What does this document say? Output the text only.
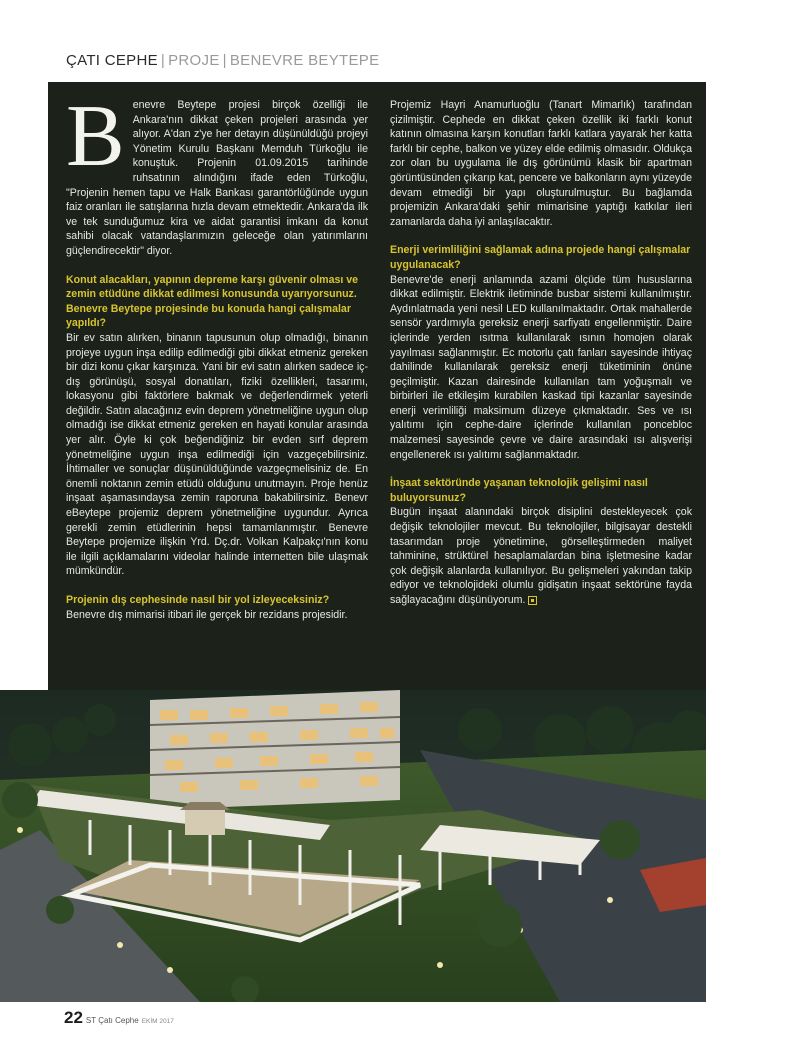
ÇATI CEPHE | PROJE | BENEVRE BEYTEPE

Benevre Beytepe projesi birçok özelliği ile Ankara'nın dikkat çeken projeleri arasında yer alıyor. A'dan z'ye her detayın düşünüldüğü projeyi Yönetim Kurulu Başkanı Memduh Türkoğlu ile konuştuk. Projenin 01.09.2015 tarihinde ruhsatının alındığını ifade eden Türkoğlu, "Projenin hemen tapu ve Halk Bankası garantörlüğünde uygun faiz oranları ile satışlarına hızla devam etmektedir. Ankara'da ilk ve tek sunduğumuz kira ve aidat garantisi imkanı da konut sahibi olacak vatandaşlarımızın geleceğe olan yatırımlarını güçlendirecektir" diyor.

Konut alacakları, yapının depreme karşı güvenir olması ve zemin etüdüne dikkat edilmesi konusunda uyarıyorsunuz. Benevre Beytepe projesinde bu konuda hangi çalışmalar yapıldı?

Bir ev satın alırken, binanın tapusunun olup olmadığı, binanın projeye uygun inşa edilip edilmediği gibi dikkat etmeniz gereken bir dizi konu çıkar karşınıza. Yani bir evi satın alırken sadece iç-dış görünüşü, sosyal donatıları, fiziki özellikleri, tasarımı, lokasyonu gibi faktörlere bakmak ve değerlendirmek yeterli değildir. Satın alacağınız evin deprem yönetmeliğine uygun olup olmadığı ise dikkat etmeniz gereken en hayati konular arasında yer alır. Öyle ki çok beğendiğiniz bir evden sırf deprem yönetmeliğine uygun inşa edilmediği için vazgeçebilirsiniz. İhtimaller ve sonuçlar düşünüldüğünde vazgeçmelisiniz de. En önemli noktanın zemin etüdü olduğunu unutmayın. Proje henüz inşaat aşamasındaysa zemin raporuna bakabilirsiniz. Benevr eBeytepe projemiz deprem yönetmeliğine uygundur. Ayrıca gerekli zemin etüdlerinin hepsi tamamlanmıştır. Benevre Beytepe projemize ilişkin Yrd. Dç.dr. Volkan Kalpakçı'nın konu ile ilgili açıklamalarını videolar halinde internetten bile ulaşmak mümkündür.

Projenin dış cephesinde nasıl bir yol izleyeceksiniz?

Benevre dış mimarisi itibari ile gerçek bir rezidans projesidir.

Projemiz Hayri Anamurluoğlu (Tanart Mimarlık) tarafından çizilmiştir. Cephede en dikkat çeken özellik iki farklı konut katının olmasına karşın konutları farklı katlara yayarak her katta farklı bir cephe, balkon ve yüzey elde edilmiş olmasıdır. Oldukça zor olan bu uygulama ile dış görünümü klasik bir apartman görüntüsünden çıkarıp kat, pencere ve balkonların aynı yüzeyde devam etmediği bir yapı oluşturulmuştur. Bu bağlamda projemizin Ankara'daki şehir mimarisine yaptığı katkılar ileri zamanlarda daha iyi anlaşılacaktır.

Enerji verimliliğini sağlamak adına projede hangi çalışmalar uygulanacak?

Benevre'de enerji anlamında azami ölçüde tüm hususlarına dikkat edilmiştir. Elektrik iletiminde busbar sistemi kullanılmıştır. Aydınlatmada yeni nesil LED kullanılmaktadır. Ortak mahallerde sensör yardımıyla gereksiz enerji sarfiyatı engellenmiştir. Daire içlerinde yerden ısıtma kullanılarak ısının homojen olarak yayılması sağlanmıştır. Ec motorlu çatı fanları sayesinde ihtiyaç dahilinde kullanılarak gereksiz enerji tüketiminin önüne geçilmiştir. Kazan dairesinde kullanılan tam yoğuşmalı ve birbirleri ile etkileşim kurabilen kaskad tipi kazanlar sayesinde enerji verimliliği maksimum düzeye çıkmaktadır. Ses ve ısı yalıtımı için cephe-daire içlerinde kullanılan poncebloc malzemesi sayesinde çevre ve daire arasındaki ısı alışverişi engellenerek ısı yalıtımı sağlanmaktadır.

İnşaat sektöründe yaşanan teknolojik gelişimi nasıl buluyorsunuz?

Bugün inşaat alanındaki birçok disiplini destekleyecek çok değişik teknolojiler mevcut. Bu teknolojiler, bilgisayar destekli tasarımdan proje yönetimine, görselleştirmeden maliyet tahminine, strüktürel hesaplamalardan bina işletmesine kadar çok değişik alanlarda kullanılıyor. Bu gelişmeleri yakından takip ediyor ve teknolojideki olumlu gidişatın inşaat sektörüne fayda sağlayacağını düşünüyorum.

22 ST Çatı Cephe EKİM 2017
